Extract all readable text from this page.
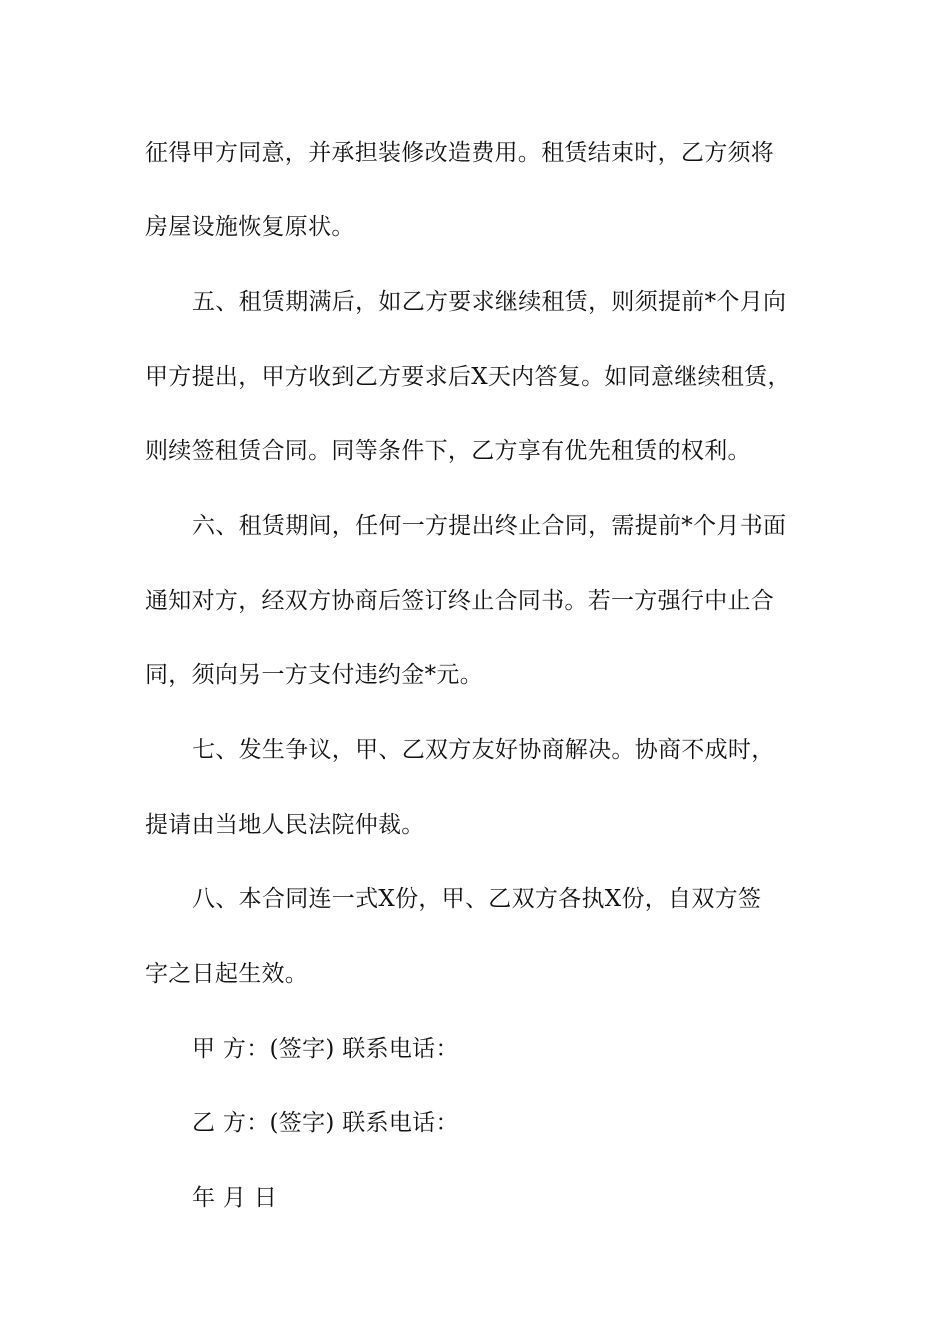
征得甲方同意，并承担装修改造费用。租赁结束时，乙方须将
房屋设施恢复原状。
五、租赁期满后，如乙方要求继续租赁，则须提前*个月向
甲方提出，甲方收到乙方要求后X天内答复。如同意继续租赁，
则续签租赁合同。同等条件下，乙方享有优先租赁的权利。
六、租赁期间，任何一方提出终止合同，需提前*个月书面
通知对方，经双方协商后签订终止合同书。若一方强行中止合
同，须向另一方支付违约金*元。
七、发生争议，甲、乙双方友好协商解决。协商不成时，
提请由当地人民法院仲裁。
八、本合同连一式X份，甲、乙双方各执X份，自双方签
字之日起生效。
甲 方：(签字) 联系电话：
乙 方：(签字) 联系电话：
年 月 日
